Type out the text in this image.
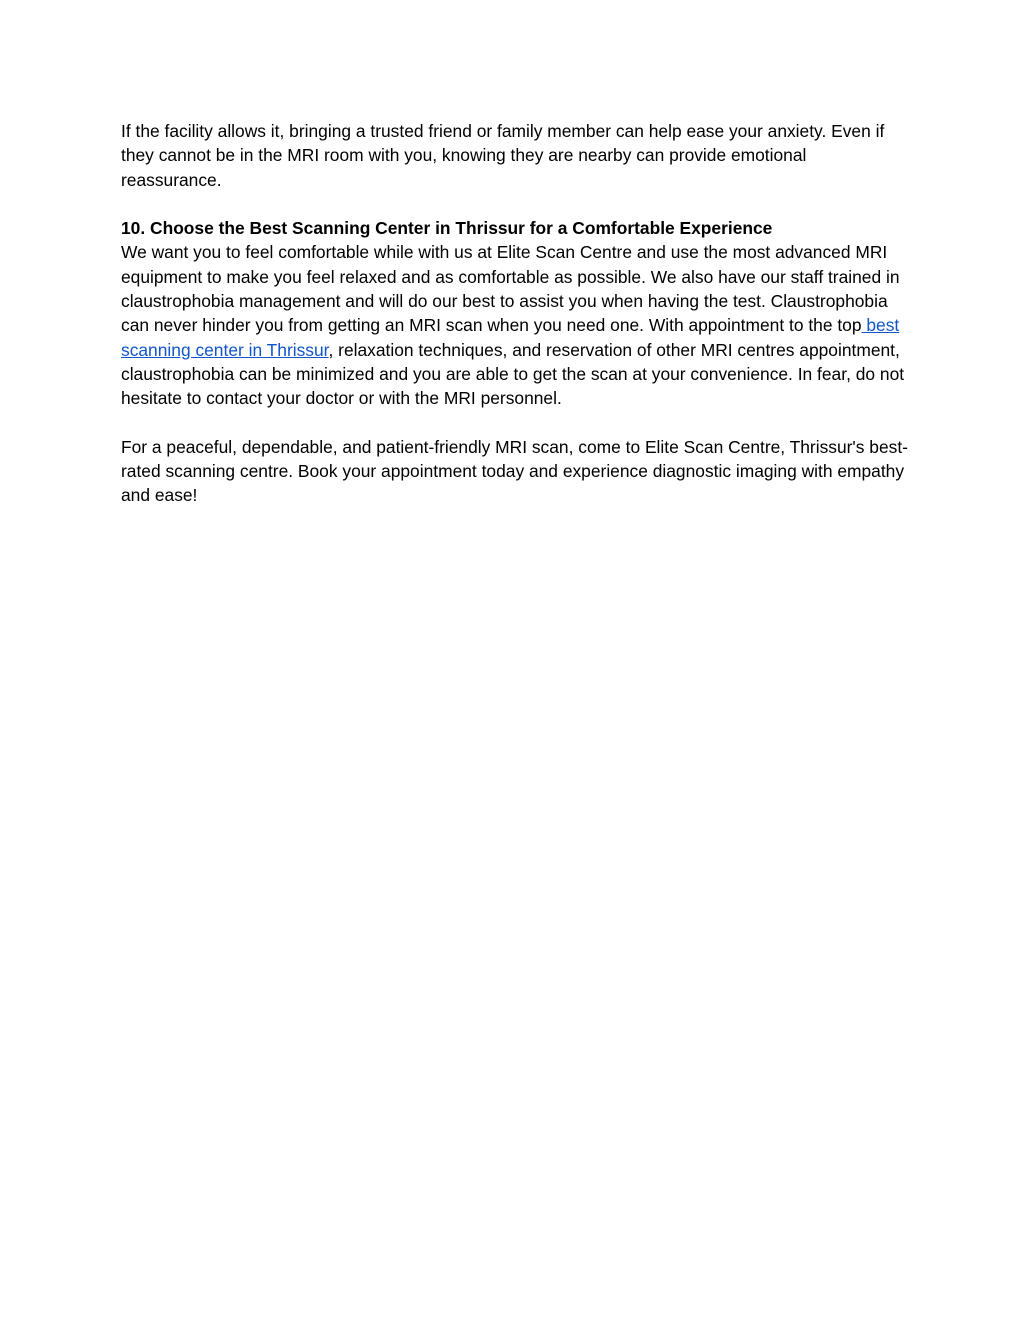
If the facility allows it, bringing a trusted friend or family member can help ease your anxiety. Even if they cannot be in the MRI room with you, knowing they are nearby can provide emotional reassurance.

10. Choose the Best Scanning Center in Thrissur for a Comfortable Experience

We want you to feel comfortable while with us at Elite Scan Centre and use the most advanced MRI equipment to make you feel relaxed and as comfortable as possible. We also have our staff trained in claustrophobia management and will do our best to assist you when having the test. Claustrophobia can never hinder you from getting an MRI scan when you need one. With appointment to the top best scanning center in Thrissur, relaxation techniques, and reservation of other MRI centres appointment, claustrophobia can be minimized and you are able to get the scan at your convenience. In fear, do not hesitate to contact your doctor or with the MRI personnel.

For a peaceful, dependable, and patient-friendly MRI scan, come to Elite Scan Centre, Thrissur's best-rated scanning centre. Book your appointment today and experience diagnostic imaging with empathy and ease!
